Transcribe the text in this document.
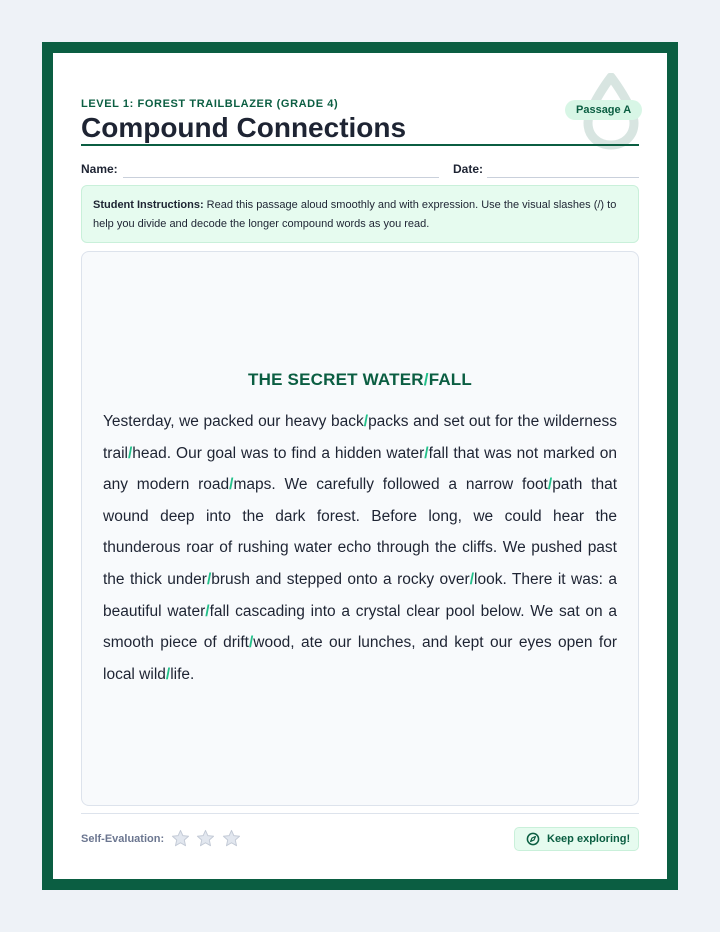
LEVEL 1: FOREST TRAILBLAZER (GRADE 4)
Compound Connections
Passage A
Name:	Date:
Student Instructions: Read this passage aloud smoothly and with expression. Use the visual slashes (/) to help you divide and decode the longer compound words as you read.
THE SECRET WATER/FALL
Yesterday, we packed our heavy back/packs and set out for the wilderness trail/head. Our goal was to find a hidden water/fall that was not marked on any modern road/maps. We carefully followed a narrow foot/path that wound deep into the dark forest. Before long, we could hear the thunderous roar of rushing water echo through the cliffs. We pushed past the thick under/brush and stepped onto a rocky over/look. There it was: a beautiful water/fall cascading into a crystal clear pool below. We sat on a smooth piece of drift/wood, ate our lunches, and kept our eyes open for local wild/life.
Self-Evaluation:
	Keep exploring!
